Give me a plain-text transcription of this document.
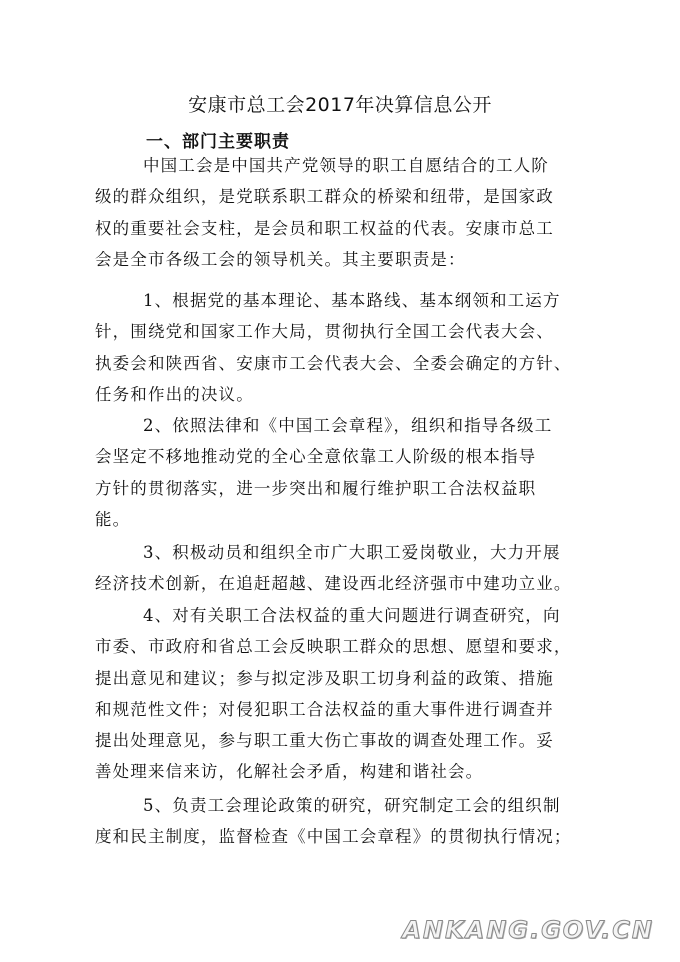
安康市总工会2017年决算信息公开
一、部门主要职责

中国工会是中国共产党领导的职工自愿结合的工人阶
级的群众组织，是党联系职工群众的桥梁和纽带，是国家政
权的重要社会支柱，是会员和职工权益的代表。安康市总工
会是全市各级工会的领导机关。其主要职责是：

1、根据党的基本理论、基本路线、基本纲领和工运方
针，围绕党和国家工作大局，贯彻执行全国工会代表大会、
执委会和陕西省、安康市工会代表大会、全委会确定的方针、
任务和作出的决议。

2、依照法律和《中国工会章程》，组织和指导各级工
会坚定不移地推动党的全心全意依靠工人阶级的根本指导
方针的贯彻落实，进一步突出和履行维护职工合法权益职
能。

3、积极动员和组织全市广大职工爱岗敬业，大力开展
经济技术创新，在追赶超越、建设西北经济强市中建功立业。

4、对有关职工合法权益的重大问题进行调查研究，向
市委、市政府和省总工会反映职工群众的思想、愿望和要求，
提出意见和建议；参与拟定涉及职工切身利益的政策、措施
和规范性文件；对侵犯职工合法权益的重大事件进行调查并
提出处理意见，参与职工重大伤亡事故的调查处理工作。妥
善处理来信来访，化解社会矛盾，构建和谐社会。

5、负责工会理论政策的研究，研究制定工会的组织制
度和民主制度，监督检查《中国工会章程》的贯彻执行情况；

ANKANG.GOV.CN
